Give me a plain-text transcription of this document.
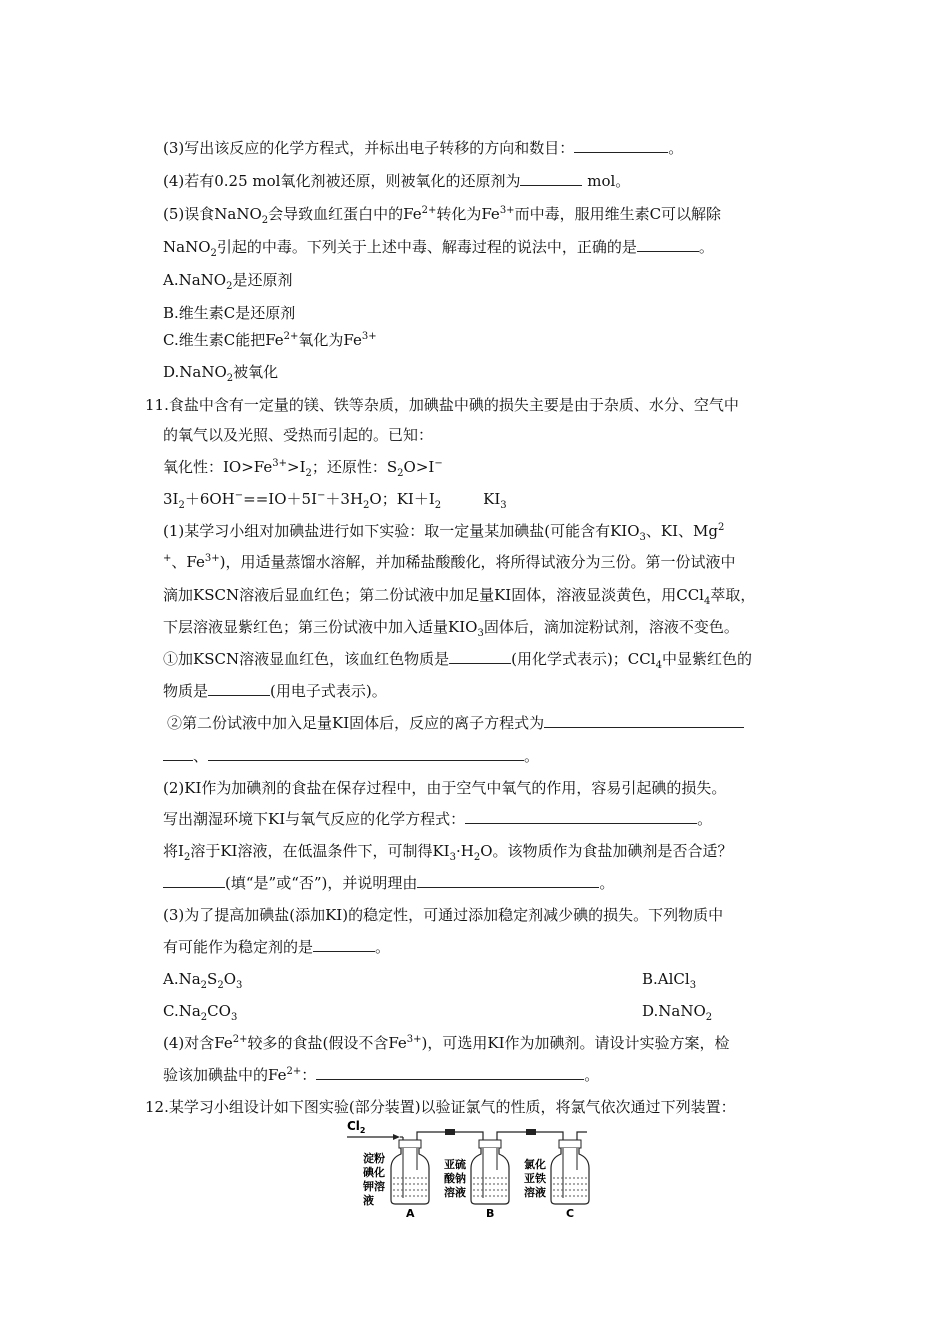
(3)写出该反应的化学方程式，并标出电子转移的方向和数目：	。
(4)若有0.25 mol氧化剂被还原，则被氧化的还原剂为	mol。
(5)误食NaNO$_2$会导致血红蛋白中的$Fe^{2+}$转化为$Fe^{3+}$而中毒，服用维生素C可以解除
NaNO$_2$引起的中毒。下列关于上述中毒、解毒过程的说法中，正确的是	。
A.NaNO$_2$是还原剂
B.维生素C是还原剂
C.维生素C能把$Fe^{2+}$氧化为$Fe^{3+}$
D.NaNO$_2$被氧化
11.食盐中含有一定量的镁、铁等杂质，加碘盐中碘的损失主要是由于杂质、水分、空气中
的氧气以及光照、受热而引起的。已知：
氧化性：$IO>Fe^{3+}>I_2$；还原性：$S_2O>I^-$
$3I_2+6OH^-==IO+5I^-+3H_2O$；$KI+I_2$	$KI_3$
(1)某学习小组对加碘盐进行如下实验：取一定量某加碘盐(可能含有$KIO_3$、KI、Mg$^2$
+、$Fe^{3+}$)，用适量蒸馏水溶解，并加稀盐酸酸化，将所得试液分为三份。第一份试液中
滴加KSCN溶液后显血红色；第二份试液中加足量KI固体，溶液显淡黄色，用CCl$_4$萃取，
下层溶液显紫红色；第三份试液中加入适量$KIO_3$固体后，滴加淀粉试剂，溶液不变色。
①加KSCN溶液显血红色，该血红色物质是	(用化学式表示)；CCl$_4$中显紫红色的
物质是	(用电子式表示)。
②第二份试液中加入足量KI固体后，反应的离子方程式为
、	。
(2)KI作为加碘剂的食盐在保存过程中，由于空气中氧气的作用，容易引起碘的损失。
写出潮湿环境下KI与氧气反应的化学方程式：	。
将$I_2$溶于KI溶液，在低温条件下，可制得$KI_3\cdot H_2O$。该物质作为食盐加碘剂是否合适？
(填“是”或“否”)，并说明理由	。
(3)为了提高加碘盐(添加KI)的稳定性，可通过添加稳定剂减少碘的损失。下列物质中
有可能作为稳定剂的是	。
$A.Na_2S_2O_3$	B.AlCl$_3$
$C.Na_2CO_3$	D.NaNO$_2$
(4)对含$Fe^{2+}$较多的食盐(假设不含$Fe^{3+}$)，可选用KI作为加碘剂。请设计实验方案，检
验该加碘盐中的$Fe^{2+}$：	。
12.某学习小组设计如下图实验(部分装置)以验证氯气的性质，将氯气依次通过下列装置：
$Cl_2$
淀粉
碘化
钾溶
液
亚硫
酸钠
溶液
氯化
亚铁
溶液
A	B	C
